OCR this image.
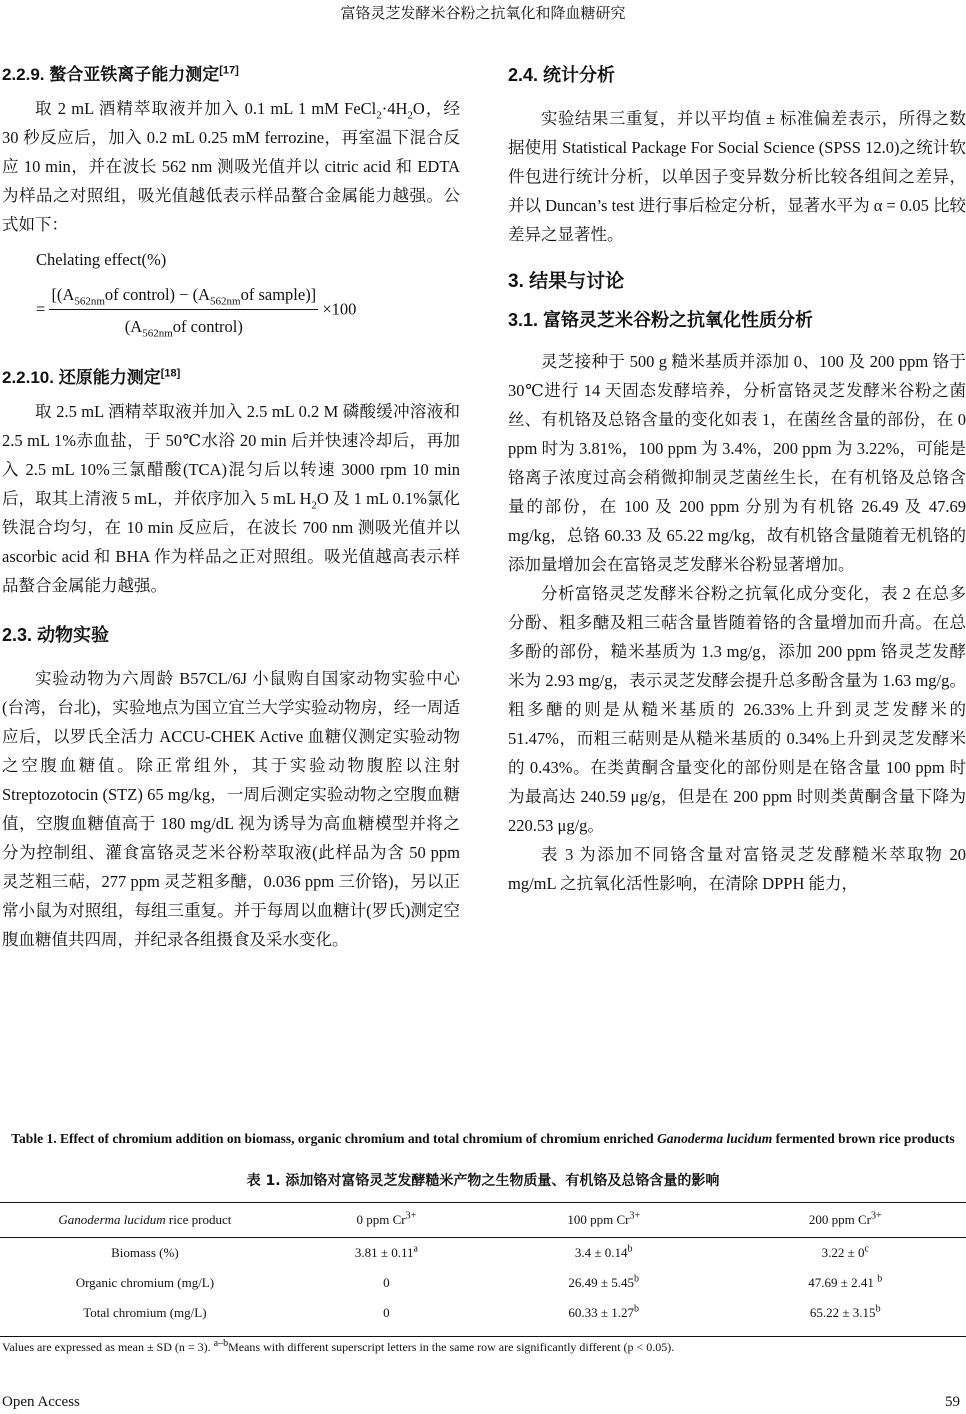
富铬灵芝发酵米谷粉之抗氧化和降血糖研究
2.2.9. 螯合亚铁离子能力测定[17]

取 2 mL 酒精萃取液并加入 0.1 mL 1 mM $FeCl_2\cdot 4H_2O$，经 30 秒反应后，加入 0.2 mL 0.25 mM ferrozine，再室温下混合反应 10 min，并在波长 562 nm 测吸光值并以 citric acid 和 EDTA 为样品之对照组，吸光值越低表示样品螯合金属能力越强。公式如下：

Chelating effect(%)
= $\frac{[(A_{562nm}of control) - (A_{562nm}of sample)]}{(A_{562nm}of control)} \times 100$
2.2.10. 还原能力测定[18]

取 2.5 mL 酒精萃取液并加入 2.5 mL 0.2 M 磷酸缓冲溶液和 2.5 mL 1%赤血盐，于 50℃水浴 20 min 后并快速冷却后，再加入 2.5 mL 10%三氯醋酸(TCA)混匀后以转速 3000 rpm 10 min 后，取其上清液 5 mL，并依序加入 5 mL $H_2O$ 及 1 mL 0.1%氯化铁混合均匀，在 10 min 反应后，在波长 700 nm 测吸光值并以 ascorbic acid 和 BHA 作为样品之正对照组。吸光值越高表示样品螯合金属能力越强。

2.3. 动物实验

实验动物为六周龄 B57CL/6J 小鼠购自国家动物实验中心(台湾，台北)，实验地点为国立宜兰大学实验动物房，经一周适应后，以罗氏全活力 ACCU-CHEK Active 血糖仪测定实验动物之空腹血糖值。除正常组外，其于实验动物腹腔以注射 Streptozotocin (STZ) 65 mg/kg，一周后测定实验动物之空腹血糖值，空腹血糖值高于 180 mg/dL 视为诱导为高血糖模型并将之分为控制组、灌食富铬灵芝米谷粉萃取液(此样品为含 50 ppm 灵芝粗三萜，277 ppm 灵芝粗多醣，0.036 ppm 三价铬)，另以正常小鼠为对照组，每组三重复。并于每周以血糖计(罗氏)测定空腹血糖值共四周，并纪录各组摄食及采水变化。

2.4. 统计分析

实验结果三重复，并以平均值 ± 标准偏差表示，所得之数据使用 Statistical Package For Social Science (SPSS 12.0)之统计软件包进行统计分析，以单因子变异数分析比较各组间之差异，并以 Duncan’s test 进行事后检定分析，显著水平为 α = 0.05 比较差异之显著性。

3. 结果与讨论
3.1. 富铬灵芝米谷粉之抗氧化性质分析

灵芝接种于 500 g 糙米基质并添加 0、100 及 200 ppm 铬于 30℃进行 14 天固态发酵培养，分析富铬灵芝发酵米谷粉之菌丝、有机铬及总铬含量的变化如表 1，在菌丝含量的部份，在 0 ppm 时为 3.81%，100 ppm 为 3.4%，200 ppm 为 3.22%，可能是铬离子浓度过高会稍微抑制灵芝菌丝生长，在有机铬及总铬含量的部份，在 100 及 200 ppm 分别为有机铬 26.49 及 47.69 mg/kg，总铬 60.33 及 65.22 mg/kg，故有机铬含量随着无机铬的添加量增加会在富铬灵芝发酵米谷粉显著增加。

分析富铬灵芝发酵米谷粉之抗氧化成分变化，表 2 在总多分酚、粗多醣及粗三萜含量皆随着铬的含量增加而升高。在总多酚的部份，糙米基质为 1.3 mg/g，添加 200 ppm 铬灵芝发酵米为 2.93 mg/g，表示灵芝发酵会提升总多酚含量为 1.63 mg/g。粗多醣的则是从糙米基质的 26.33%上升到灵芝发酵米的 51.47%，而粗三萜则是从糙米基质的 0.34%上升到灵芝发酵米的 0.43%。在类黄酮含量变化的部份则是在铬含量 100 ppm 时为最高达 240.59 μg/g，但是在 200 ppm 时则类黄酮含量下降为 220.53 μg/g。

表 3 为添加不同铬含量对富铬灵芝发酵糙米萃取物 20 mg/mL 之抗氧化活性影响，在清除 DPPH 能力，

Table 1. Effect of chromium addition on biomass, organic chromium and total chromium of chromium enriched Ganoderma lucidum fermented brown rice products
表 1. 添加铬对富铬灵芝发酵糙米产物之生物质量、有机铬及总铬含量的影响
Ganoderma lucidum rice product	0 ppm $Cr^{3+}$	100 ppm $Cr^{3+}$	200 ppm $Cr^{3+}$
Biomass (%)	3.81 ± 0.11$^a$	3.4 ± 0.14$^b$	$3.22 \pm 0^c$
Organic chromium (mg/L)	0	26.49 ± 5.45$^b$	47.69 ± 2.41 $^b$
Total chromium (mg/L)	0	60.33 ± 1.27$^b$	65.22 ± 3.15$^b$
Values are expressed as mean ± SD (n = 3). $^{a-b}$Means with different superscript letters in the same row are significantly different (p < 0.05).
Open Access	59
